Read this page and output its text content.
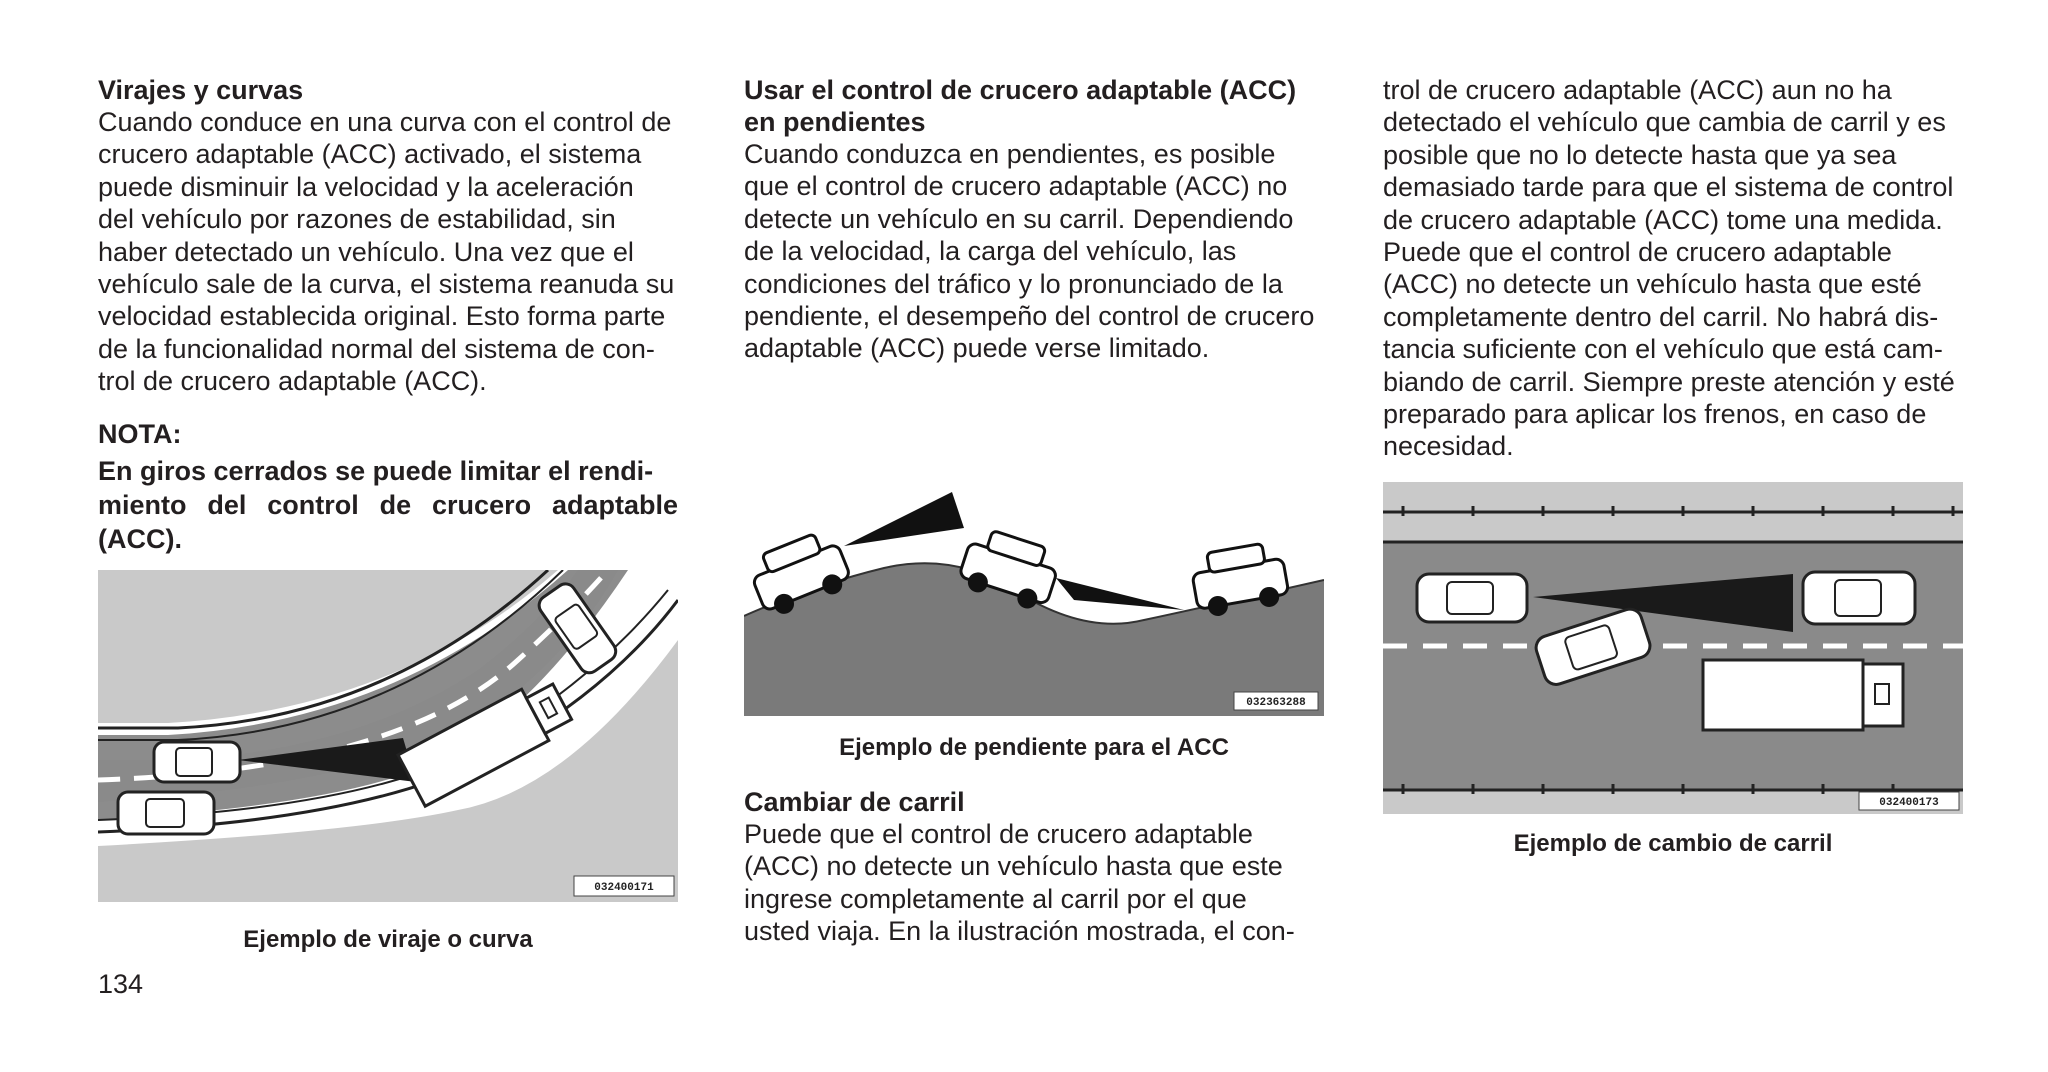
Virajes y curvas

Cuando conduce en una curva con el control de

crucero adaptable (ACC) activado, el sistema

puede disminuir la velocidad y la aceleración

del vehículo por razones de estabilidad, sin

haber detectado un vehículo. Una vez que el

vehículo sale de la curva, el sistema reanuda su

velocidad establecida original. Esto forma parte

de la funcionalidad normal del sistema de con-

trol de crucero adaptable (ACC).

NOTA:

En giros cerrados se puede limitar el rendi-

miento del control de crucero adaptable (ACC).

032400171

Ejemplo de viraje o curva

Usar el control de crucero adaptable (ACC)

en pendientes

Cuando conduzca en pendientes, es posible

que el control de crucero adaptable (ACC) no

detecte un vehículo en su carril. Dependiendo

de la velocidad, la carga del vehículo, las

condiciones del tráfico y lo pronunciado de la

pendiente, el desempeño del control de crucero

adaptable (ACC) puede verse limitado.

032363288

Ejemplo de pendiente para el ACC

Cambiar de carril

Puede que el control de crucero adaptable

(ACC) no detecte un vehículo hasta que este

ingrese completamente al carril por el que

usted viaja. En la ilustración mostrada, el con-

trol de crucero adaptable (ACC) aun no ha

detectado el vehículo que cambia de carril y es

posible que no lo detecte hasta que ya sea

demasiado tarde para que el sistema de control

de crucero adaptable (ACC) tome una medida.

Puede que el control de crucero adaptable

(ACC) no detecte un vehículo hasta que esté

completamente dentro del carril. No habrá dis-

tancia suficiente con el vehículo que está cam-

biando de carril. Siempre preste atención y esté

preparado para aplicar los frenos, en caso de

necesidad.

032400173

Ejemplo de cambio de carril

134
